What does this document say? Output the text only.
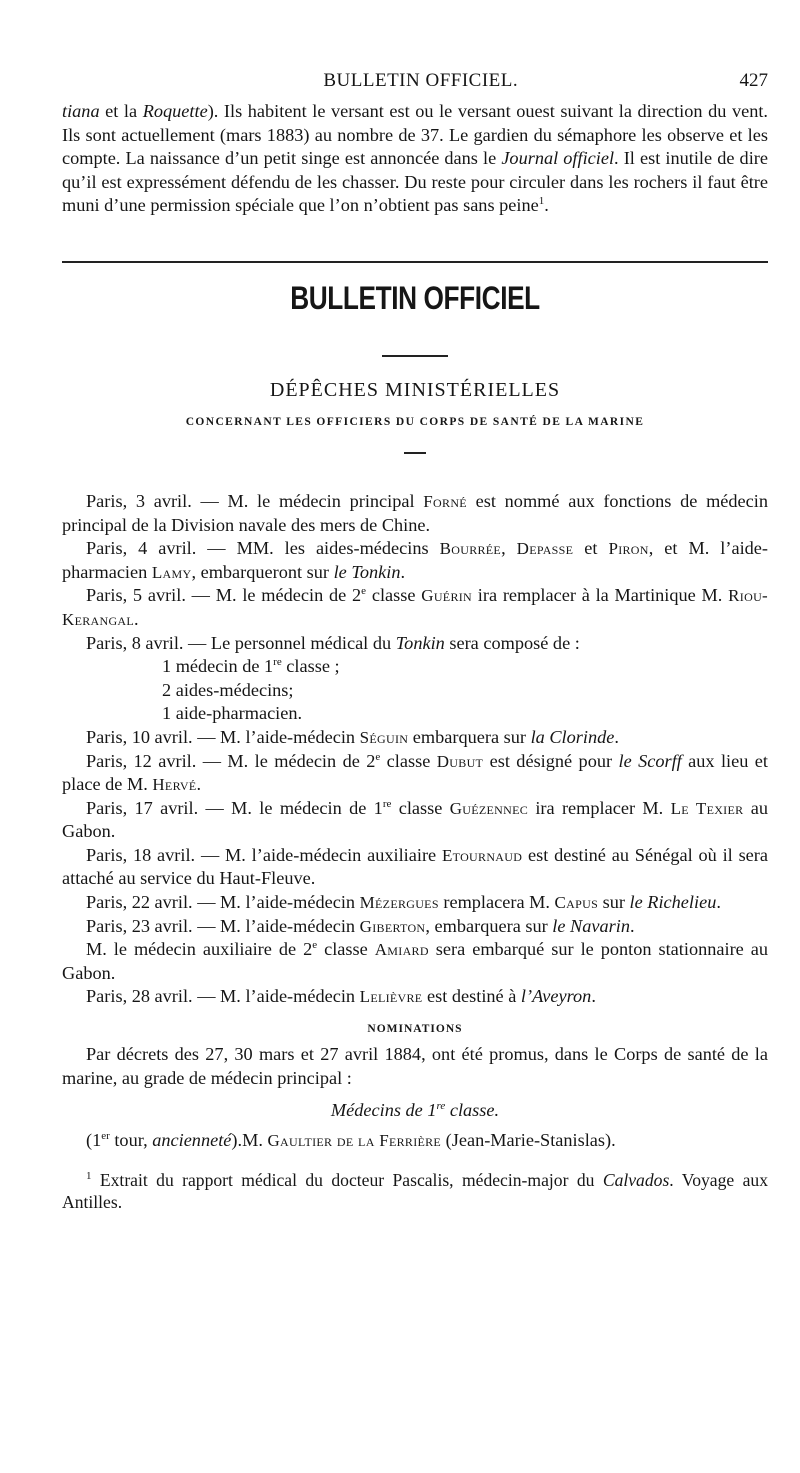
BULLETIN OFFICIEL.	427

tiana et la Roquette). Ils habitent le versant est ou le versant ouest suivant la direction du vent. Ils sont actuellement (mars 1883) au nombre de 37. Le gardien du sémaphore les observe et les compte. La naissance d’un petit singe est annoncée dans le Journal officiel. Il est inutile de dire qu’il est expressément défendu de les chasser. Du reste pour circuler dans les rochers il faut être muni d’une permission spéciale que l’on n’obtient pas sans peine$^1$.

BULLETIN OFFICIEL
DÉPÊCHES MINISTÉRIELLES
CONCERNANT LES OFFICIERS DU CORPS DE SANTÉ DE LA MARINE

Paris, 3 avril. — M. le médecin principal Forné est nommé aux fonctions de médecin principal de la Division navale des mers de Chine.

Paris, 4 avril. — MM. les aides-médecins Bourrée, Depasse et Piron, et M. l’aide-pharmacien Lamy, embarqueront sur le Tonkin.

Paris, 5 avril. — M. le médecin de 2e classe Guérin ira remplacer à la Martinique M. Riou-Kerangal.

Paris, 8 avril. — Le personnel médical du Tonkin sera composé de :

1 médecin de 1re classe ;

2 aides-médecins;

1 aide-pharmacien.

Paris, 10 avril. — M. l’aide-médecin Séguin embarquera sur la Clorinde.

Paris, 12 avril. — M. le médecin de 2e classe Dubut est désigné pour le Scorff aux lieu et place de M. Hervé.

Paris, 17 avril. — M. le médecin de 1re classe Guézennec ira remplacer M. Le Texier au Gabon.

Paris, 18 avril. — M. l’aide-médecin auxiliaire Etournaud est destiné au Sénégal où il sera attaché au service du Haut-Fleuve.

Paris, 22 avril. — M. l’aide-médecin Mézergues remplacera M. Capus sur le Richelieu.

Paris, 23 avril. — M. l’aide-médecin Giberton, embarquera sur le Navarin.

M. le médecin auxiliaire de 2e classe Amiard sera embarqué sur le ponton stationnaire au Gabon.

Paris, 28 avril. — M. l’aide-médecin Lelièvre est destiné à l’Aveyron.

NOMINATIONS

Par décrets des 27, 30 mars et 27 avril 1884, ont été promus, dans le Corps de santé de la marine, au grade de médecin principal :

Médecins de 1re classe.

(1er tour, ancienneté).M. Gaultier de la Ferrière (Jean-Marie-Stanislas).

$^1$ Extrait du rapport médical du docteur Pascalis, médecin-major du Calvados. Voyage aux Antilles.
